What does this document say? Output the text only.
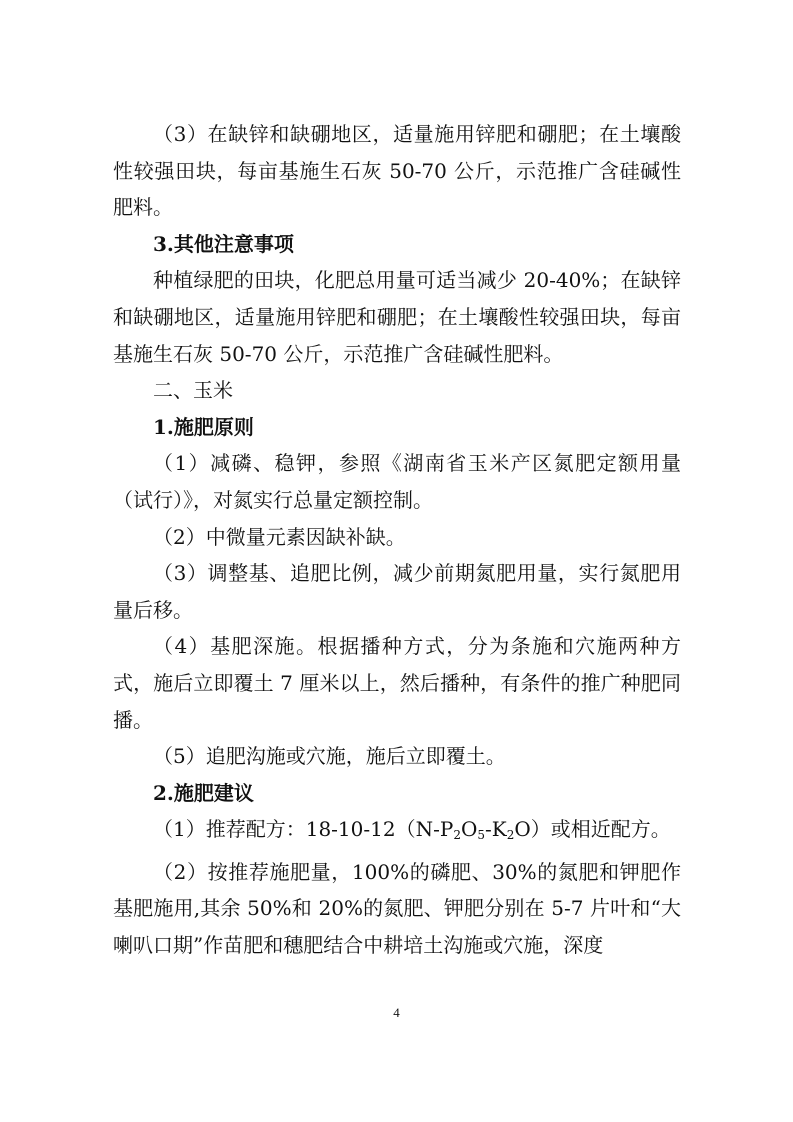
（3）在缺锌和缺硼地区，适量施用锌肥和硼肥；在土壤酸性较强田块，每亩基施生石灰 50-70 公斤，示范推广含硅碱性肥料。

3.其他注意事项

种植绿肥的田块，化肥总用量可适当减少 20-40%；在缺锌和缺硼地区，适量施用锌肥和硼肥；在土壤酸性较强田块，每亩基施生石灰 50-70 公斤，示范推广含硅碱性肥料。

二、玉米

1.施肥原则

（1）减磷、稳钾，参照《湖南省玉米产区氮肥定额用量（试行）》，对氮实行总量定额控制。

（2）中微量元素因缺补缺。

（3）调整基、追肥比例，减少前期氮肥用量，实行氮肥用量后移。

（4）基肥深施。根据播种方式，分为条施和穴施两种方式，施后立即覆土 7 厘米以上，然后播种，有条件的推广种肥同播。

（5）追肥沟施或穴施，施后立即覆土。

2.施肥建议

（1）推荐配方：$18-10-12(N-P_2O_5-K_2O)$或相近配方。

（2）按推荐施肥量，100%的磷肥、30%的氮肥和钾肥作基肥施用,其余 50%和 20%的氮肥、钾肥分别在 5-7 片叶和“大喇叭口期”作苗肥和穗肥结合中耕培土沟施或穴施，深度

4
